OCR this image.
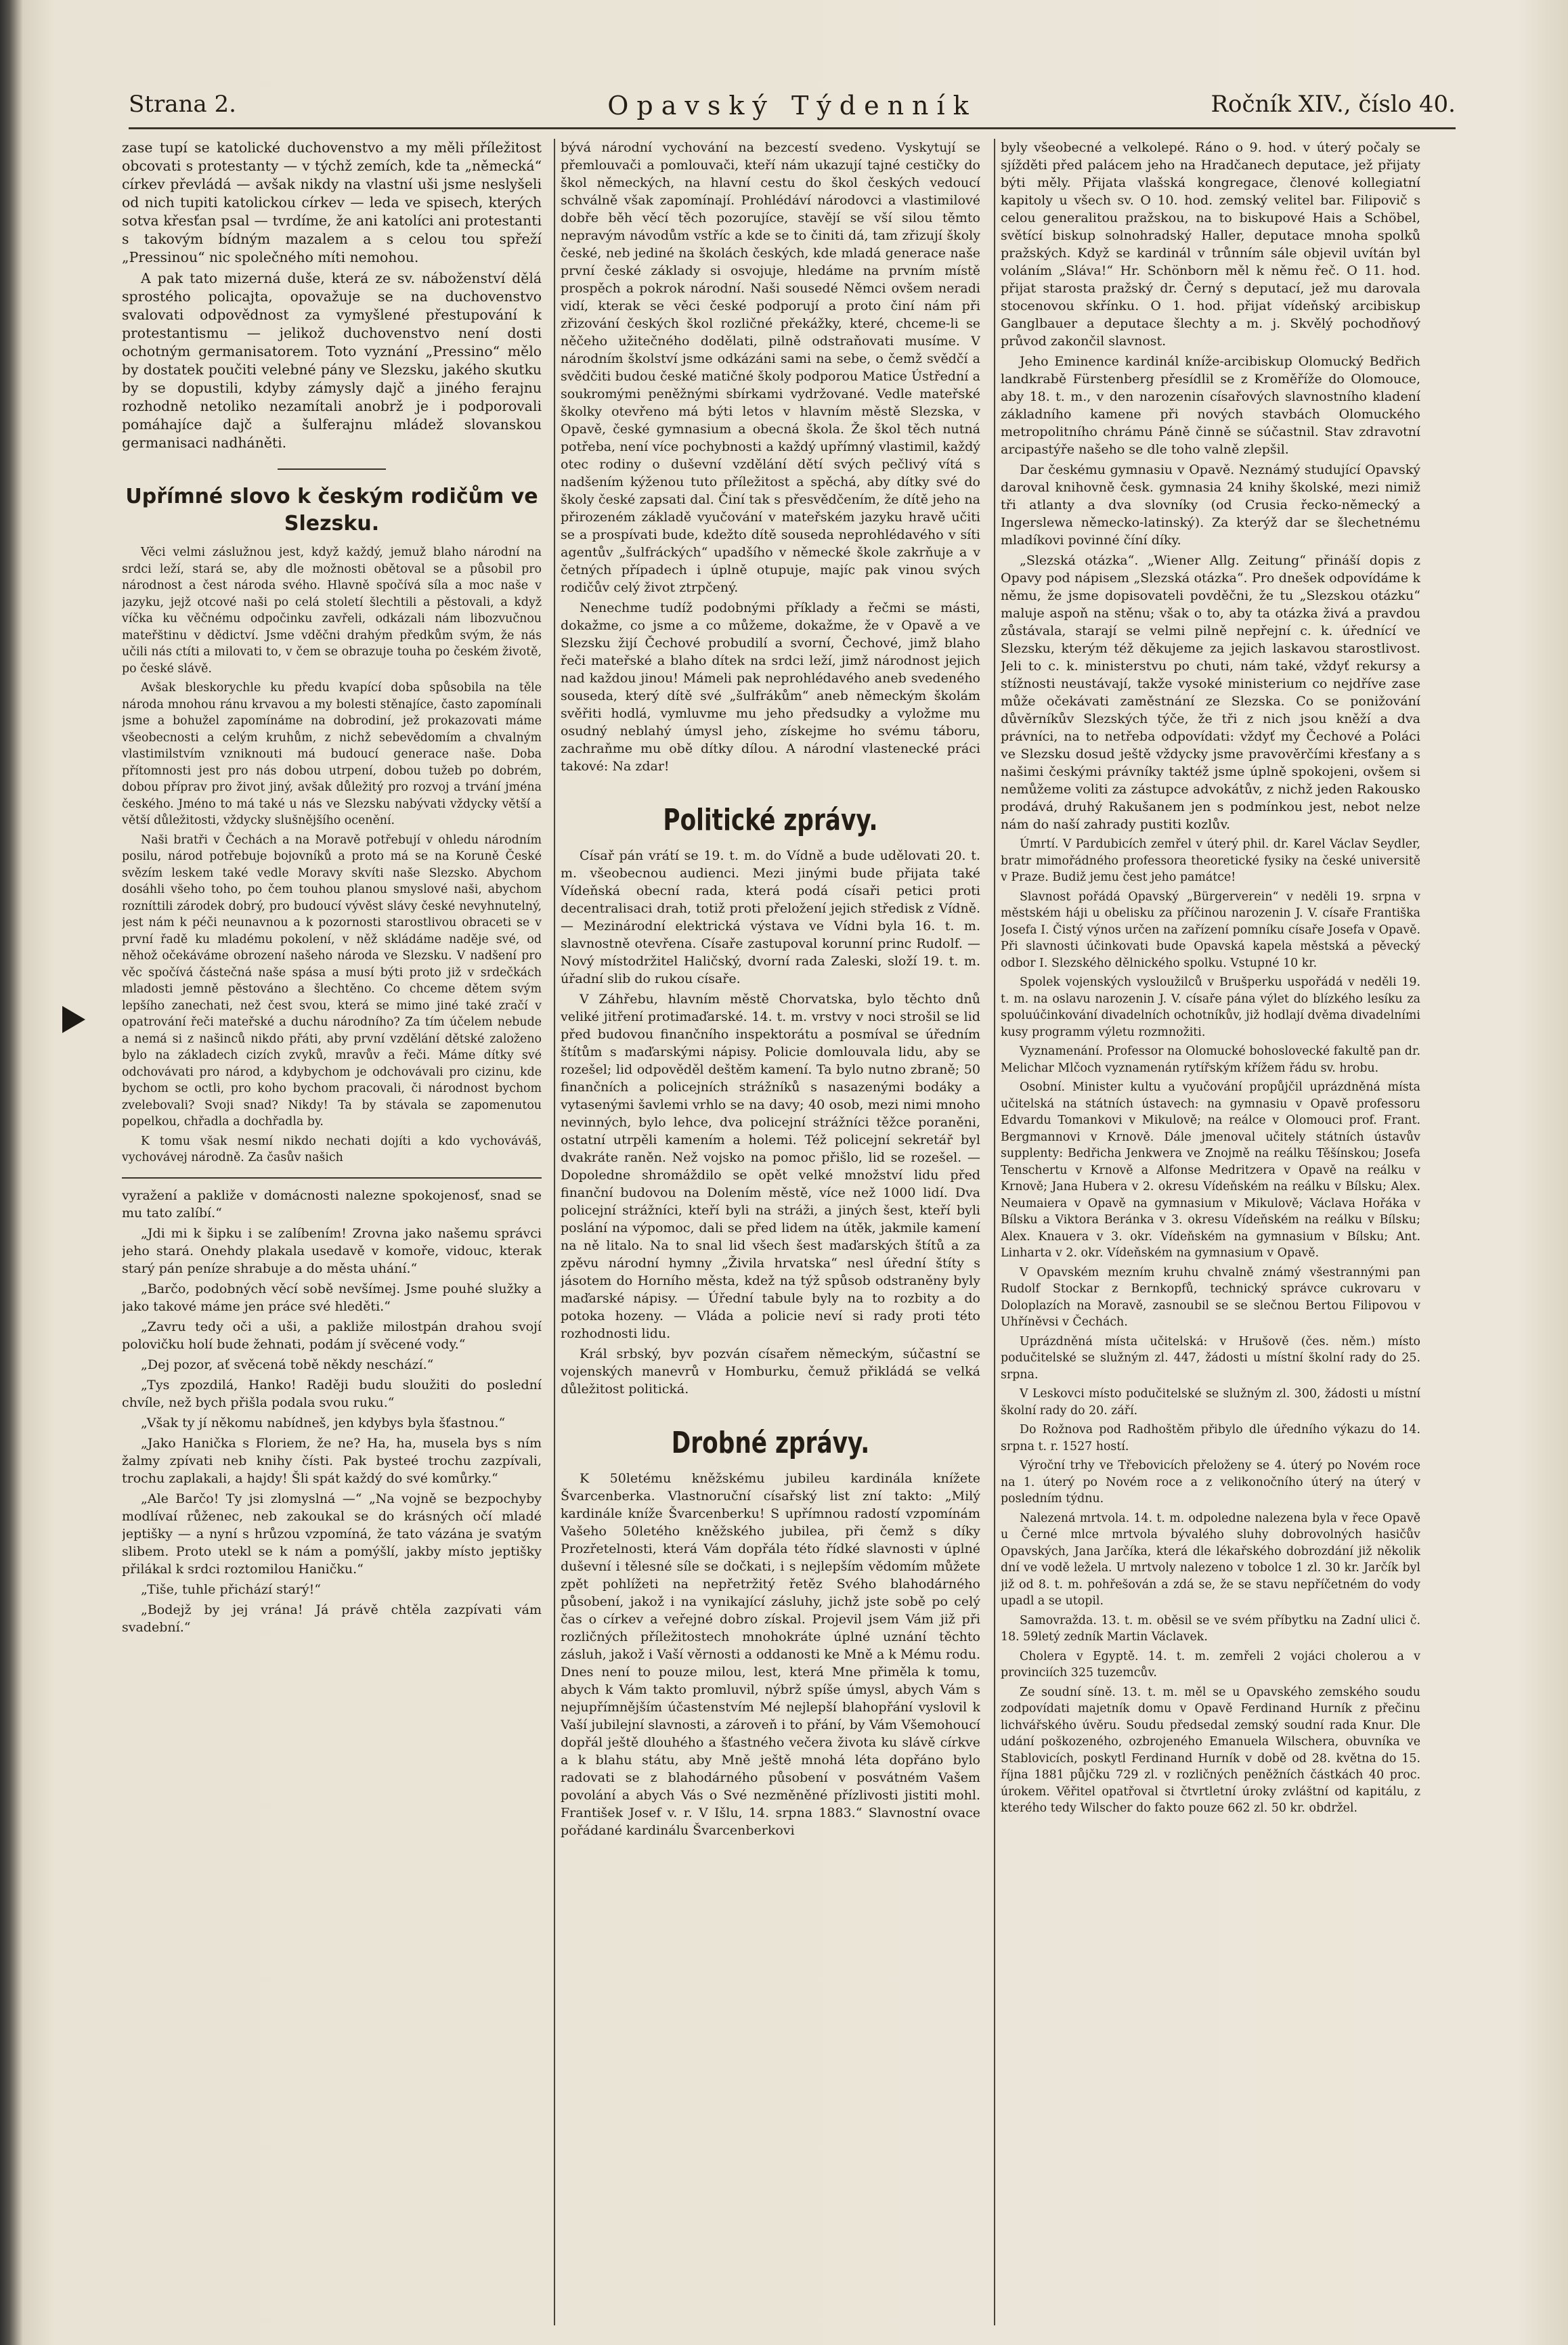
Strana 2.	Opavský Týdenník	Ročník XIV., číslo 40.

zase tupí se katolické duchovenstvo a my měli příležitost obcovati s protestanty — v týchž zemích, kde ta „německá“ církev převládá — avšak nikdy na vlastní uši jsme neslyšeli od nich tupiti katolickou církev — leda ve spisech, kterých sotva křesťan psal — tvrdíme, že ani katolíci ani protestanti s takovým bídným mazalem a s celou tou spřeží „Pressinou“ nic společného míti nemohou.

A pak tato mizerná duše, která ze sv. náboženství dělá sprostého policajta, opovažuje se na duchovenstvo svalovati odpovědnost za vymyšlené přestupování k protestantismu — jelikož duchovenstvo není dosti ochotným germanisatorem. Toto vyznání „Pressino“ mělo by dostatek poučiti velebné pány ve Slezsku, jakého skutku by se dopustili, kdyby zámysly dajč a jiného ferajnu rozhodně netoliko nezamítali anobrž je i podporovali pomáhajíce dajč a šulferajnu mládež slovanskou germanisaci nadháněti.

Upřímné slovo k českým rodičům ve Slezsku.

Věci velmi záslužnou jest, když každý, jemuž blaho národní na srdci leží, stará se, aby dle možnosti obětoval se a působil pro národnost a čest národa svého. Hlavně spočívá síla a moc naše v jazyku, jejž otcové naši po celá století šlechtili a pěstovali, a když víčka ku věčnému odpočinku zavřeli, odkázali nám libozvučnou mateřštinu v dědictví. Jsme vděčni drahým předkům svým, že nás učili nás ctíti a milovati to, v čem se obrazuje touha po českém životě, po české slávě.

Avšak bleskorychle ku předu kvapící doba spůsobila na těle národa mnohou ránu krvavou a my bolesti stěnajíce, často zapomínali jsme a bohužel zapomínáme na dobrodiní, jež prokazovati máme všeobecnosti a celým kruhům, z nichž sebevědomím a chvalným vlastimilstvím vzniknouti má budoucí generace naše. Doba přítomnosti jest pro nás dobou utrpení, dobou tužeb po dobrém, dobou příprav pro život jiný, avšak důležitý pro rozvoj a trvání jména českého. Jméno to má také u nás ve Slezsku nabývati vždycky větší a větší důležitosti, vždycky slušnějšího ocenění.

Naši bratři v Čechách a na Moravě potřebují v ohledu národním posilu, národ potřebuje bojovníků a proto má se na Koruně České svězím leskem také vedle Moravy skvíti naše Slezsko. Abychom dosáhli všeho toho, po čem touhou planou smyslové naši, abychom rozníttili zárodek dobrý, pro budoucí vývěst slávy české nevyhnutelný, jest nám k péči neunavnou a k pozornosti starostlivou obraceti se v první řadě ku mladému pokolení, v něž skládáme naděje své, od něhož očekáváme obrození našeho národa ve Slezsku. V nadšení pro věc spočívá částečná naše spása a musí býti proto již v srdečkách mladosti jemně pěstováno a šlechtěno. Co chceme dětem svým lepšího zanechati, než čest svou, která se mimo jiné také zračí v opatrování řeči mateřské a duchu národního? Za tím účelem nebude a nemá si z našinců nikdo přáti, aby první vzdělání dětské založeno bylo na základech cizích zvyků, mravův a řeči. Máme dítky své odchovávati pro národ, a kdybychom je odchovávali pro cizinu, kde bychom se octli, pro koho bychom pracovali, či národnost bychom zvelebovali? Svoji snad? Nikdy! Ta by stávala se zapomenutou popelkou, chřadla a dochřadla by.

K tomu však nesmí nikdo nechati dojíti a kdo vychováváš, vychovávej národně. Za časův našich

vyražení a pakliže v domácnosti nalezne spokojenosť, snad se mu tato zalíbí.“

„Jdi mi k šipku i se zalíbením! Zrovna jako našemu správci jeho stará. Onehdy plakala usedavě v komoře, vidouc, kterak starý pán peníze shrabuje a do města uhání.“

„Barčo, podobných věcí sobě nevšímej. Jsme pouhé služky a jako takové máme jen práce své hleděti.“

„Zavru tedy oči a uši, a pakliže milostpán drahou svojí polovičku holí bude žehnati, podám jí svěcené vody.“

„Dej pozor, ať svěcená tobě někdy neschází.“

„Tys zpozdilá, Hanko! Raději budu sloužiti do poslední chvíle, než bych přišla podala svou ruku.“

„Však ty jí někomu nabídneš, jen kdybys byla šťastnou.“

„Jako Hanička s Floriem, že ne? Ha, ha, musela bys s ním žalmy zpívati neb knihy čísti. Pak bysteé trochu zazpívali, trochu zaplakali, a hajdy! Šli spát každý do své komůrky.“

„Ale Barčo! Ty jsi zlomyslná —“ „Na vojně se bezpochyby modlívaí růženec, neb zakoukal se do krásných očí mladé jeptišky — a nyní s hrůzou vzpomíná, že tato vázána je svatým slibem. Proto utekl se k nám a pomýšlí, jakby místo jeptišky přilákal k srdci roztomilou Haničku.“

„Tiše, tuhle přichází starý!“

„Bodejž by jej vrána! Já právě chtěla zazpívati vám svadební.“

bývá národní vychování na bezcestí svedeno. Vyskytují se přemlouvači a pomlouvači, kteří nám ukazují tajné cestičky do škol německých, na hlavní cestu do škol českých vedoucí schválně však zapomínají. Prohlédáví národovci a vlastimilové dobře běh věcí těch pozorujíce, stavějí se vší silou těmto nepravým návodům vstříc a kde se to činiti dá, tam zřizují školy české, neb jediné na školách českých, kde mladá generace naše první české základy si osvojuje, hledáme na prvním místě prospěch a pokrok národní. Naši sousedé Němci ovšem neradi vidí, kterak se věci české podporují a proto činí nám při zřizování českých škol rozličné překážky, které, chceme-li se něčeho užitečného dodělati, pilně odstraňovati musíme. V národním školství jsme odkázáni sami na sebe, o čemž svědčí a svědčiti budou české matičné školy podporou Matice Ústřední a soukromými peněžnými sbírkami vydržované. Vedle mateřské školky otevřeno má býti letos v hlavním městě Slezska, v Opavě, české gymnasium a obecná škola. Že škol těch nutná potřeba, není více pochybnosti a každý upřímný vlastimil, každý otec rodiny o duševní vzdělání dětí svých pečlivý vítá s nadšením kýženou tuto příležitost a spěchá, aby dítky své do školy české zapsati dal. Činí tak s přesvědčením, že dítě jeho na přirozeném základě vyučování v mateřském jazyku hravě učiti se a prospívati bude, kdežto dítě souseda neprohlédavého v síti agentův „šulfráckých“ upadšího v německé škole zakrňuje a v četných případech i úplně otupuje, majíc pak vinou svých rodičův celý život ztrpčený.

Nenechme tudíž podobnými příklady a řečmi se másti, dokažme, co jsme a co můžeme, dokažme, že v Opavě a ve Slezsku žijí Čechové probudilí a svorní, Čechové, jimž blaho řeči mateřské a blaho dítek na srdci leží, jimž národnost jejich nad každou jinou! Mámeli pak neprohlédavého aneb svedeného souseda, který dítě své „šulfrákům“ aneb německým školám svěřiti hodlá, vymluvme mu jeho předsudky a vyložme mu osudný neblahý úmysl jeho, získejme ho svému táboru, zachraňme mu obě dítky dílou. A národní vlastenecké práci takové: Na zdar!

Politické zprávy.

Císař pán vrátí se 19. t. m. do Vídně a bude udělovati 20. t. m. všeobecnou audienci. Mezi jinými bude přijata také Vídeňská obecní rada, která podá císaři petici proti decentralisaci drah, totiž proti přeložení jejich středisk z Vídně. — Mezinárodní elektrická výstava ve Vídni byla 16. t. m. slavnostně otevřena. Císaře zastupoval korunní princ Rudolf. — Nový místodržitel Haličský, dvorní rada Zaleski, složí 19. t. m. úřadní slib do rukou císaře.

V Záhřebu, hlavním městě Chorvatska, bylo těchto dnů veliké jitření protimaďarské. 14. t. m. vrstvy v noci strošil se lid před budovou finančního inspektorátu a posmíval se úředním štítům s maďarskými nápisy. Policie domlouvala lidu, aby se rozešel; lid odpověděl deštěm kamení. Ta bylo nutno zbraně; 50 finančních a policejních strážníků s nasazenými bodáky a vytasenými šavlemi vrhlo se na davy; 40 osob, mezi nimi mnoho nevinných, bylo lehce, dva policejní strážníci těžce poraněni, ostatní utrpěli kamením a holemi. Též policejní sekretář byl dvakráte raněn. Než vojsko na pomoc přišlo, lid se rozešel. — Dopoledne shromáždilo se opět velké množství lidu před finanční budovou na Dolením městě, více než 1000 lidí. Dva policejní strážníci, kteří byli na stráži, a jiných šest, kteří byli poslání na výpomoc, dali se před lidem na útěk, jakmile kamení na ně litalo. Na to snal lid všech šest maďarských štítů a za zpěvu národní hymny „Živila hrvatska“ nesl úřední štíty s jásotem do Horního města, kdež na týž spůsob odstraněny byly maďarské nápisy. — Úřední tabule byly na to rozbity a do potoka hozeny. — Vláda a policie neví si rady proti této rozhodnosti lidu.

Král srbský, byv pozván císařem německým, súčastní se vojenských manevrů v Homburku, čemuž přikládá se velká důležitost politická.

Drobné zprávy.

K 50letému kněžskému jubileu kardinála knížete Švarcenberka. Vlastnoruční císařský list zní takto: „Milý kardinále kníže Švarcenberku! S upřímnou radostí vzpomínám Vašeho 50letého kněžského jubilea, při čemž s díky Prozřetelnosti, která Vám dopřála této řídké slavnosti v úplné duševní i tělesné síle se dočkati, i s nejlepším vědomím můžete zpět pohlížeti na nepřetržitý řetěz Svého blahodárného působení, jakož i na vynikající zásluhy, jichž jste sobě po celý čas o církev a veřejné dobro získal. Projevil jsem Vám již při rozličných příležitostech mnohokráte úplné uznání těchto zásluh, jakož i Vaší věrnosti a oddanosti ke Mně a k Mému rodu. Dnes není to pouze milou, lest, která Mne přiměla k tomu, abych k Vám takto promluvil, nýbrž spíše úmysl, abych Vám s nejupřímnějším účastenstvím Mé nejlepší blahopřání vyslovil k Vaší jubilejní slavnosti, a zároveň i to přání, by Vám Všemohoucí dopřál ještě dlouhého a šťastného večera života ku slávě církve a k blahu státu, aby Mně ještě mnohá léta dopřáno bylo radovati se z blahodárného působení v posvátném Vašem povolání a abych Vás o Své nezměněné přízlivosti jistiti mohl. František Josef v. r. V Išlu, 14. srpna 1883.“ Slavnostní ovace pořádané kardinálu Švarcenberkovi

byly všeobecné a velkolepé. Ráno o 9. hod. v úterý počaly se sjížděti před palácem jeho na Hradčanech deputace, jež přijaty býti měly. Přijata vlašská kongregace, členové kollegiatní kapitoly u všech sv. O 10. hod. zemský velitel bar. Filipovič s celou generalitou pražskou, na to biskupové Hais a Schöbel, světící biskup solnohradský Haller, deputace mnoha spolků pražských. Když se kardinál v trůnním sále objevil uvítán byl voláním „Sláva!“ Hr. Schönborn měl k němu řeč. O 11. hod. přijat starosta pražský dr. Černý s deputací, jež mu darovala stocenovou skřínku. O 1. hod. přijat vídeňský arcibiskup Ganglbauer a deputace šlechty a m. j. Skvělý pochodňový průvod zakončil slavnost.

Jeho Eminence kardinál kníže-arcibiskup Olomucký Bedřich landkrabě Fürstenberg přesídlil se z Kroměříže do Olomouce, aby 18. t. m., v den narozenin císařových slavnostního kladení základního kamene při nových stavbách Olomuckého metropolitního chrámu Páně činně se súčastnil. Stav zdravotní arcipastýře našeho se dle toho valně zlepšil.

Dar českému gymnasiu v Opavě. Neznámý studující Opavský daroval knihovně česk. gymnasia 24 knihy školské, mezi nimiž tři atlanty a dva slovníky (od Crusia řecko-německý a Ingerslewa německo-latinský). Za kterýž dar se šlechetnému mladíkovi povinné číní díky.

„Slezská otázka“. „Wiener Allg. Zeitung“ přináší dopis z Opavy pod nápisem „Slezská otázka“. Pro dnešek odpovídáme k němu, že jsme dopisovateli povděčni, že tu „Slezskou otázku“ maluje aspoň na stěnu; však o to, aby ta otázka živá a pravdou zůstávala, starají se velmi pilně nepřejní c. k. úřednící ve Slezsku, kterým též děkujeme za jejich laskavou starostlivost. Jeli to c. k. ministerstvu po chuti, nám také, vždyť rekursy a stížnosti neustávají, takže vysoké ministerium co nejdříve zase může očekávati zaměstnání ze Slezska. Co se ponižování důvěrníkův Slezských týče, že tři z nich jsou kněží a dva právníci, na to netřeba odpovídati: vždyť my Čechové a Poláci ve Slezsku dosud ještě vždycky jsme pravověrčími křesťany a s našimi českými právníky taktéž jsme úplně spokojeni, ovšem si nemůžeme voliti za zástupce advokátův, z nichž jeden Rakousko prodává, druhý Rakušanem jen s podmínkou jest, nebot nelze nám do naší zahrady pustiti kozlův.

Úmrtí. V Pardubicích zemřel v úterý phil. dr. Karel Václav Seydler, bratr mimořádného professora theoretické fysiky na české universitě v Praze. Budiž jemu čest jeho památce!

Slavnost pořádá Opavský „Bürgerverein“ v neděli 19. srpna v městském háji u obelisku za příčinou narozenin J. V. císaře Františka Josefa I. Čistý výnos určen na zařízení pomníku císaře Josefa v Opavě. Při slavnosti účinkovati bude Opavská kapela městská a pěvecký odbor I. Slezského dělnického spolku. Vstupné 10 kr.

Spolek vojenských vysloužilců v Brušperku uspořádá v neděli 19. t. m. na oslavu narozenin J. V. císaře pána výlet do blízkého lesíku za spoluúčinkování divadelních ochotníkův, již hodlají dvěma divadelními kusy programm výletu rozmnožiti.

Vyznamenání. Professor na Olomucké bohoslovecké fakultě pan dr. Melichar Mlčoch vyznamenán rytířským křížem řádu sv. hrobu.

Osobní. Minister kultu a vyučování propůjčil uprázdněná místa učitelská na státních ústavech: na gymnasiu v Opavě professoru Edvardu Tomankovi v Mikulově; na reálce v Olomouci prof. Frant. Bergmannovi v Krnově. Dále jmenoval učitely státních ústavův supplenty: Bedřicha Jenkwera ve Znojmě na reálku Těšínskou; Josefa Tenschertu v Krnově a Alfonse Medritzera v Opavě na reálku v Krnově; Jana Hubera v 2. okresu Vídeňském na reálku v Bílsku; Alex. Neumaiera v Opavě na gymnasium v Mikulově; Václava Hořáka v Bílsku a Viktora Beránka v 3. okresu Vídeňském na reálku v Bílsku; Alex. Knauera v 3. okr. Vídeňském na gymnasium v Bílsku; Ant. Linharta v 2. okr. Vídeňském na gymnasium v Opavě.

V Opavském mezním kruhu chvalně známý všestrannými pan Rudolf Stockar z Bernkopfů, technický správce cukrovaru v Doloplazích na Moravě, zasnoubil se se slečnou Bertou Filipovou v Uhříněvsi v Čechách.

Uprázdněná místa učitelská: v Hrušově (čes. něm.) místo podučitelské se služným zl. 447, žádosti u místní školní rady do 25. srpna.

V Leskovci místo podučitelské se služným zl. 300, žádosti u místní školní rady do 20. září.

Do Rožnova pod Radhoštěm přibylo dle úředního výkazu do 14. srpna t. r. 1527 hostí.

Výroční trhy ve Třebovicích přeloženy se 4. úterý po Novém roce na 1. úterý po Novém roce a z velikonočního úterý na úterý v posledním týdnu.

Nalezená mrtvola. 14. t. m. odpoledne nalezena byla v řece Opavě u Černé mlce mrtvola bývalého sluhy dobrovolných hasičův Opavských, Jana Jarčíka, která dle lékařského dobrozdání již několik dní ve vodě ležela. U mrtvoly nalezeno v tobolce 1 zl. 30 kr. Jarčík byl již od 8. t. m. pohřešován a zdá se, že se stavu nepříčetném do vody upadl a se utopil.

Samovražda. 13. t. m. oběsil se ve svém příbytku na Zadní ulici č. 18. 59letý zedník Martin Václavek.

Cholera v Egyptě. 14. t. m. zemřeli 2 vojáci cholerou a v provinciích 325 tuzemcův.

Ze soudní síně. 13. t. m. měl se u Opavského zemského soudu zodpovídati majetník domu v Opavě Ferdinand Hurník z přečinu lichvářského úvěru. Soudu předsedal zemský soudní rada Knur. Dle udání poškozeného, ozbrojeného Emanuela Wilschera, obuvníka ve Stablovicích, poskytl Ferdinand Hurník v době od 28. května do 15. října 1881 půjčku 729 zl. v rozličných peněžních částkách 40 proc. úrokem. Věřitel opatřoval si čtvrtletní úroky zvláštní od kapitálu, z kterého tedy Wilscher do fakto pouze 662 zl. 50 kr. obdržel.
